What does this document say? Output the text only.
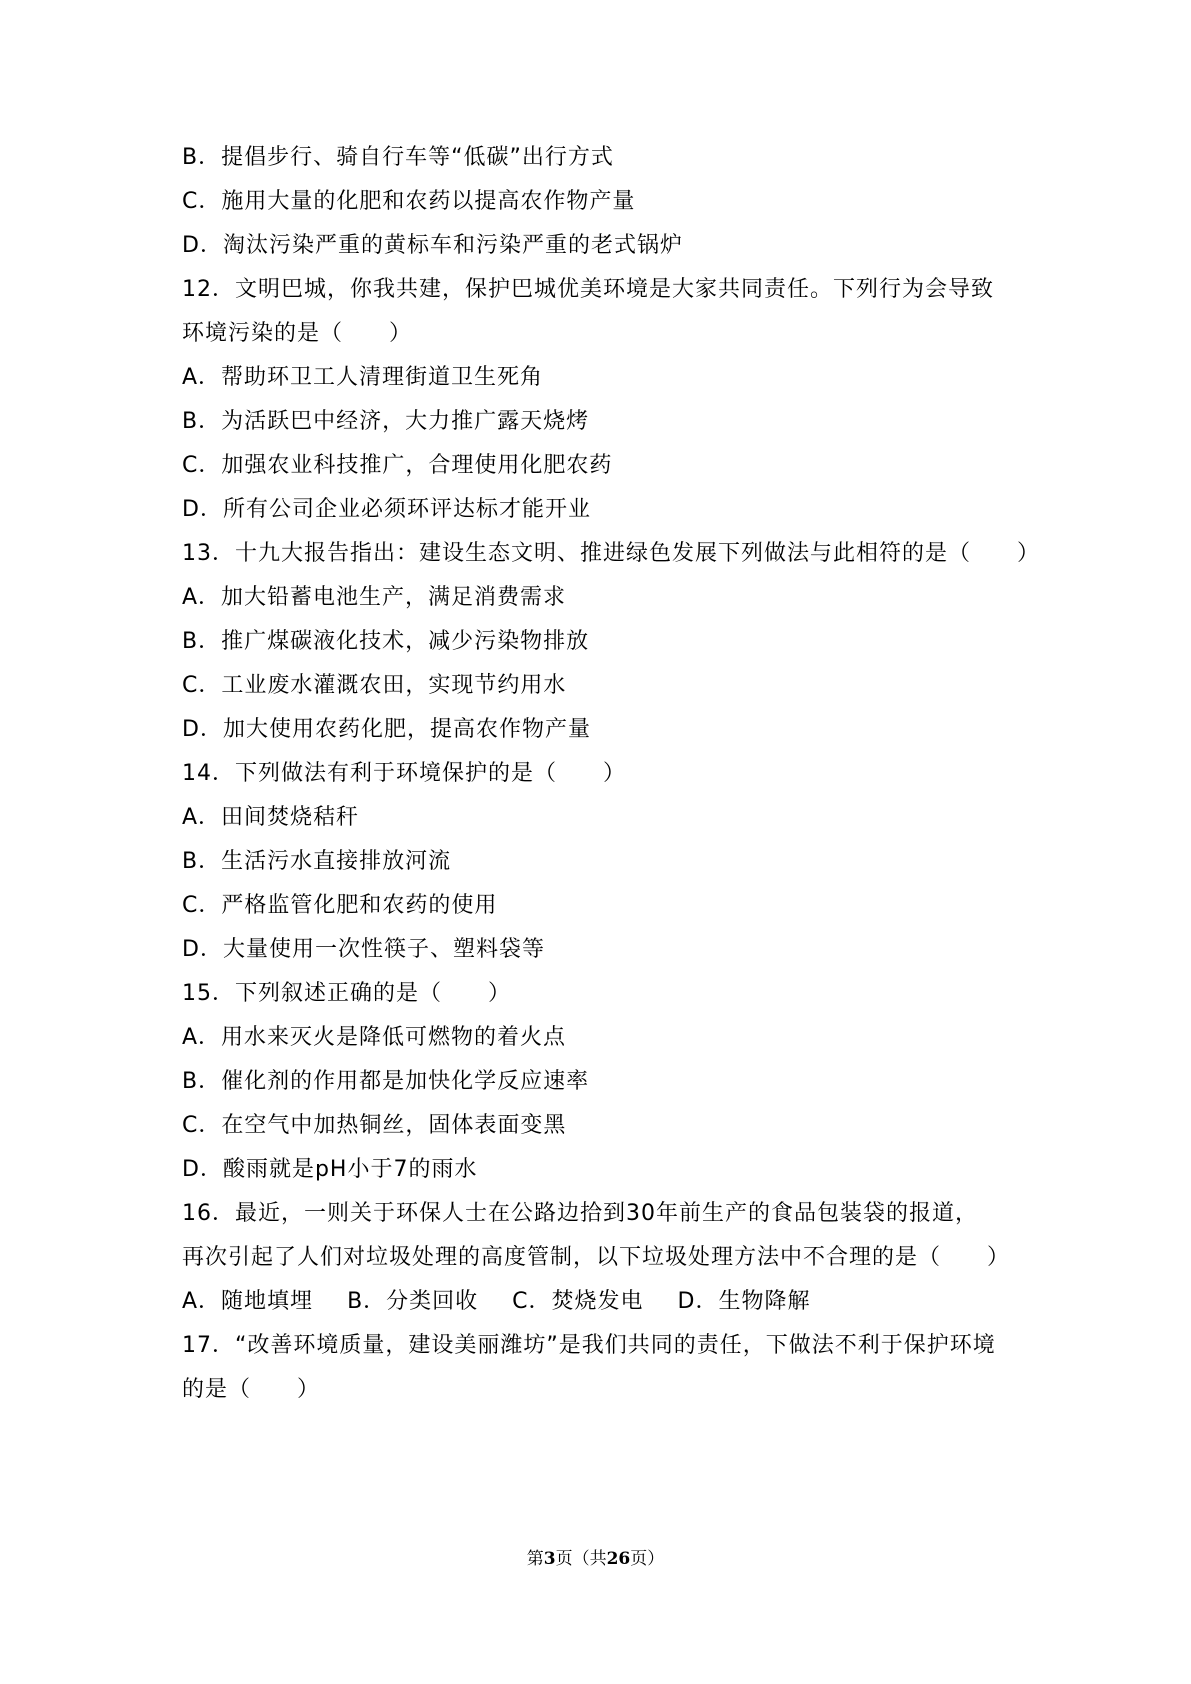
B．提倡步行、骑自行车等“低碳”出行方式
C．施用大量的化肥和农药以提高农作物产量
D．淘汰污染严重的黄标车和污染严重的老式锅炉
12．文明巴城，你我共建，保护巴城优美环境是大家共同责任。下列行为会导致
环境污染的是（　　）
A．帮助环卫工人清理街道卫生死角
B．为活跃巴中经济，大力推广露天烧烤
C．加强农业科技推广，合理使用化肥农药
D．所有公司企业必须环评达标才能开业
13．十九大报告指出：建设生态文明、推进绿色发展下列做法与此相符的是（　　）
A．加大铅蓄电池生产，满足消费需求
B．推广煤碳液化技术，减少污染物排放
C．工业废水灌溉农田，实现节约用水
D．加大使用农药化肥，提高农作物产量
14．下列做法有利于环境保护的是（　　）
A．田间焚烧秸秆
B．生活污水直接排放河流
C．严格监管化肥和农药的使用
D．大量使用一次性筷子、塑料袋等
15．下列叙述正确的是（　　）
A．用水来灭火是降低可燃物的着火点
B．催化剂的作用都是加快化学反应速率
C．在空气中加热铜丝，固体表面变黑
D．酸雨就是pH小于7的雨水
16．最近，一则关于环保人士在公路边拾到30年前生产的食品包装袋的报道，
再次引起了人们对垃圾处理的高度管制，以下垃圾处理方法中不合理的是（　　）
A．随地填埋 B．分类回收 C．焚烧发电 D．生物降解
17．“改善环境质量，建设美丽潍坊”是我们共同的责任，下做法不利于保护环境
的是（　　）
第3页（共26页）
